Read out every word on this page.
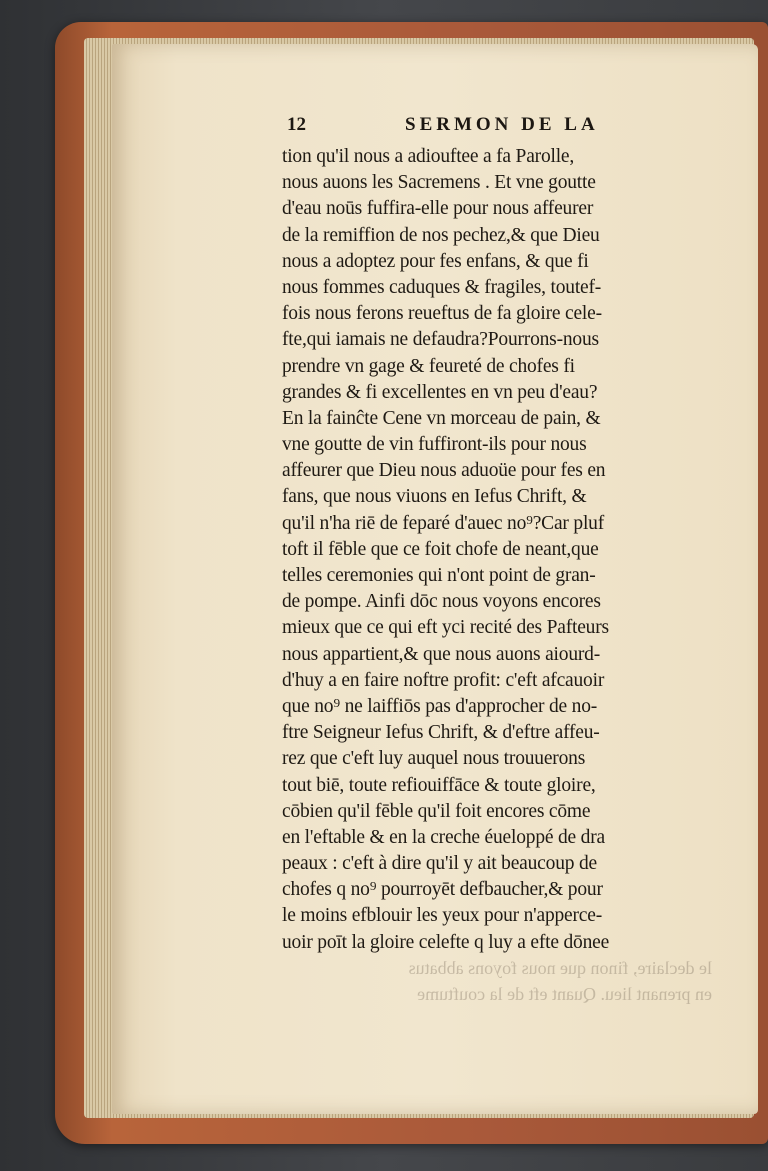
12	SERMON DE LA
tion qu'il nous a adiouftee a fa Parolle,
nous auons les Sacremens . Et vne goutte
d'eau noūs fuffira-elle pour nous affeurer
de la remiffion de nos pechez,& que Dieu
nous a adoptez pour fes enfans, & que fi
nous fommes caduques & fragiles, toutef-
fois nous ferons reueftus de fa gloire cele-
fte,qui iamais ne defaudra?Pourrons-nous
prendre vn gage & feureté de chofes fi
grandes & fi excellentes en vn peu d'eau?
En la fainĉte Cene vn morceau de pain, &
vne goutte de vin fuffiront-ils pour nous
affeurer que Dieu nous aduoüe pour fes en
fans, que nous viuons en Iefus Chrift, &
qu'il n'ha riē de feparé d'auec no⁹?Car pluf
toft il fēble que ce foit chofe de neant,que
telles ceremonies qui n'ont point de gran-
de pompe. Ainfi dōc nous voyons encores
mieux que ce qui eft yci recité des Pafteurs
nous appartient,& que nous auons aiourd-
d'huy a en faire noftre profit: c'eft afcauoir
que no⁹ ne laiffiōs pas d'approcher de no-
ftre Seigneur Iefus Chrift, & d'eftre affeu-
rez que c'eft luy auquel nous trouuerons
tout biē, toute refiouiffāce & toute gloire,
cōbien qu'il fēble qu'il foit encores cōme
en l'eftable & en la creche éueloppé de dra
peaux : c'eft à dire qu'il y ait beaucoup de
chofes q no⁹ pourroyēt defbaucher,& pour
le moins efblouir les yeux pour n'apperce-
uoir poīt la gloire celefte q luy a efte dōnee
le declaire, finon que nous foyons abbatus
en prenant lieu. Quant eft de la couftume
